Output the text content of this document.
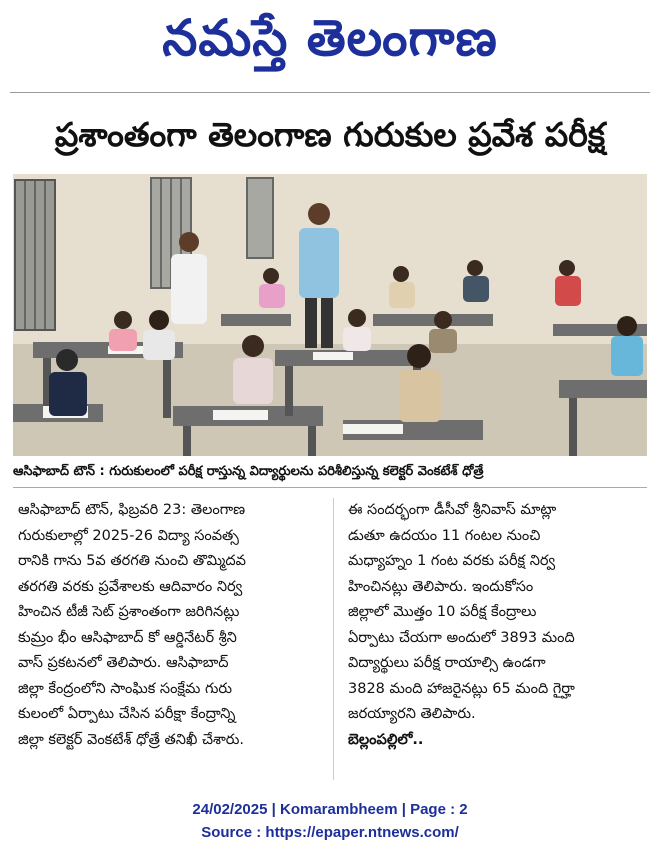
నమస్తే తెలంగాణ
ప్రశాంతంగా తెలంగాణ గురుకుల ప్రవేశ పరీక్ష
ఆసిఫాబాద్ టౌన్ : గురుకులంలో పరీక్ష రాస్తున్న విద్యార్థులను పరిశీలిస్తున్న కలెక్టర్ వెంకటేశ్ ధోత్రే
ఆసిఫాబాద్ టౌన్, ఫిబ్రవరి 23: తెలంగాణ
గురుకులాల్లో 2025-26 విద్యా సంవత్స
రానికి గాను 5వ తరగతి నుంచి తొమ్మిదవ
తరగతి వరకు ప్రవేశాలకు ఆదివారం నిర్వ
హించిన టీజీ సెట్ ప్రశాంతంగా జరిగినట్లు
కుమ్రం భీం ఆసిఫాబాద్ కో ఆర్డినేటర్ శ్రీని
వాస్ ప్రకటనలో తెలిపారు. ఆసిఫాబాద్
జిల్లా కేంద్రంలోని సాంఘిక సంక్షేమ గురు
కులంలో ఏర్పాటు చేసిన పరీక్షా కేంద్రాన్ని
జిల్లా కలెక్టర్ వెంకటేశ్ ధోత్రే తనిఖీ చేశారు.
ఈ సందర్భంగా డీసీవో శ్రీనివాస్ మాట్లా
డుతూ ఉదయం 11 గంటల నుంచి
మధ్యాహ్నం 1 గంట వరకు పరీక్ష నిర్వ
హించినట్లు తెలిపారు. ఇందుకోసం
జిల్లాలో మొత్తం 10 పరీక్ష కేంద్రాలు
ఏర్పాటు చేయగా అందులో 3893 మంది
విద్యార్థులు పరీక్ష రాయాల్సి ఉండగా
3828 మంది హాజరైనట్లు 65 మంది గైర్హా
జరయ్యారని తెలిపారు.
బెల్లంపల్లిలో..
24/02/2025 | Komarambheem | Page : 2
Source : https://epaper.ntnews.com/
